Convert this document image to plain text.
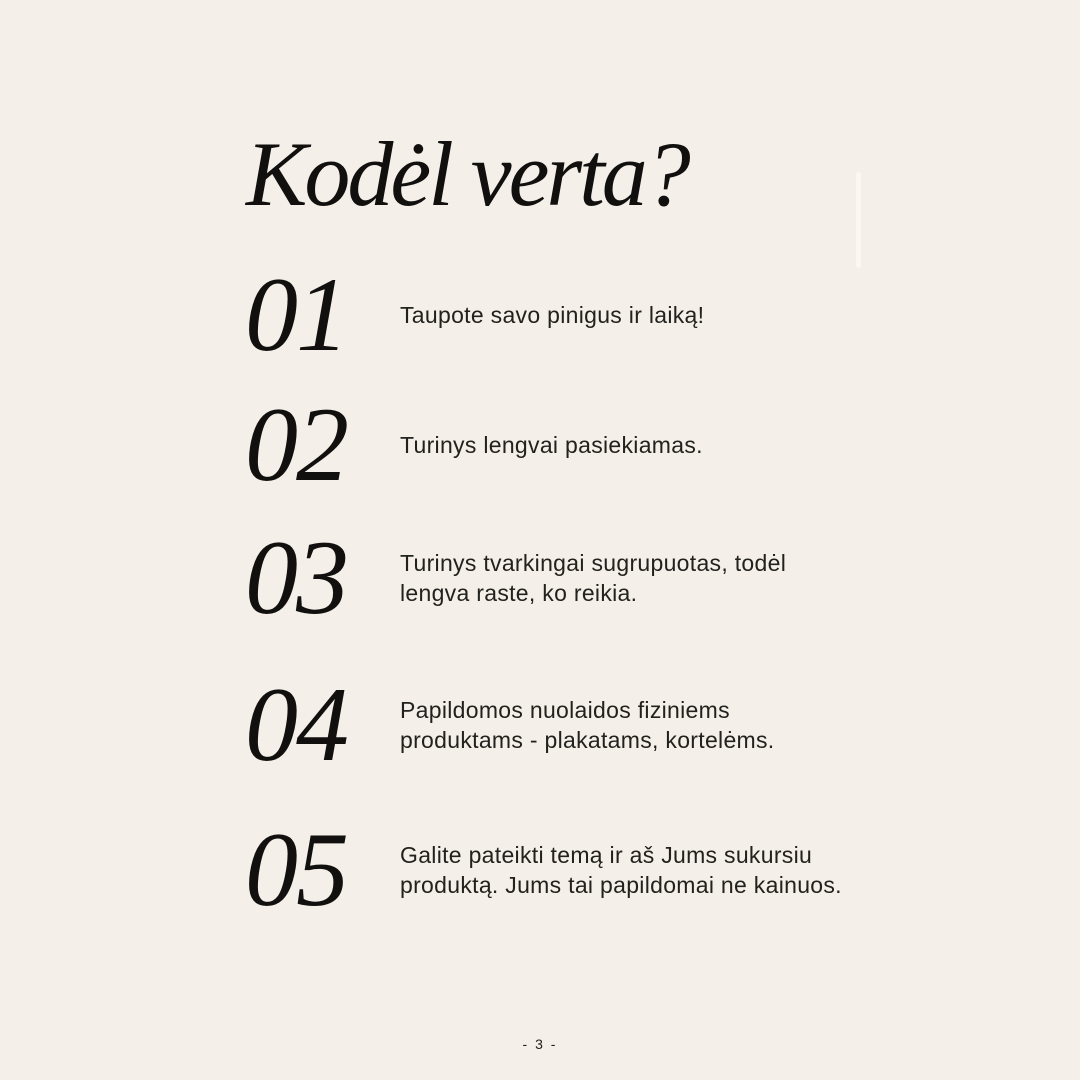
Kodėl verta?
01	Taupote savo pinigus ir laiką!
02	Turinys lengvai pasiekiamas.
03	Turinys tvarkingai sugrupuotas, todėl lengva raste, ko reikia.
04	Papildomos nuolaidos fiziniems produktams - plakatams, kortelėms.
05	Galite pateikti temą ir aš Jums sukursiu produktą. Jums tai papildomai ne kainuos.
- 3 -
